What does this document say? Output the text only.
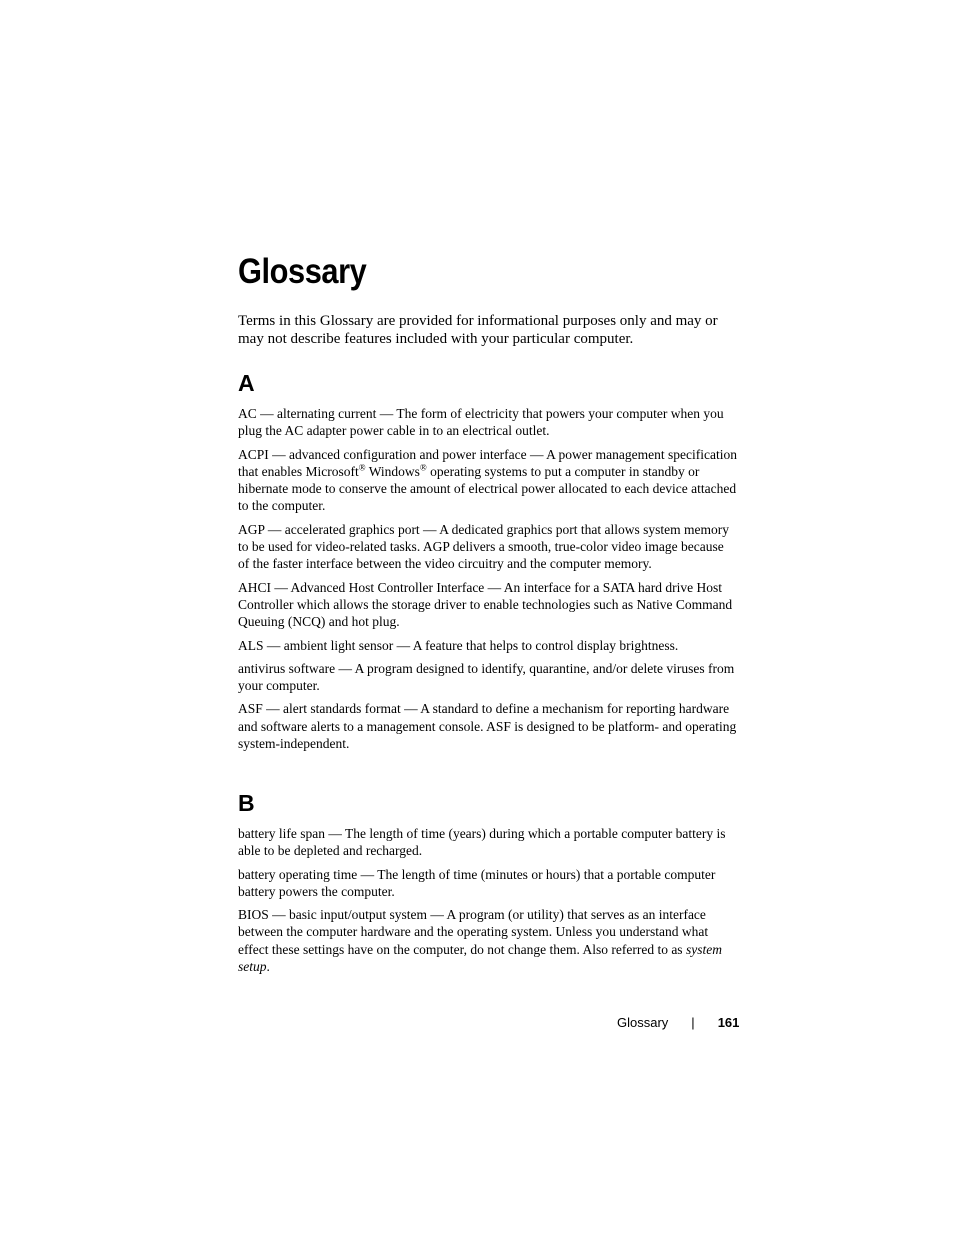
Glossary
Terms in this Glossary are provided for informational purposes only and may or may not describe features included with your particular computer.
A

AC — alternating current — The form of electricity that powers your computer when you plug the AC adapter power cable in to an electrical outlet.

ACPI — advanced configuration and power interface — A power management specification that enables Microsoft® Windows® operating systems to put a computer in standby or hibernate mode to conserve the amount of electrical power allocated to each device attached to the computer.

AGP — accelerated graphics port — A dedicated graphics port that allows system memory to be used for video-related tasks. AGP delivers a smooth, true-color video image because of the faster interface between the video circuitry and the computer memory.

AHCI — Advanced Host Controller Interface — An interface for a SATA hard drive Host Controller which allows the storage driver to enable technologies such as Native Command Queuing (NCQ) and hot plug.

ALS — ambient light sensor — A feature that helps to control display brightness.

antivirus software — A program designed to identify, quarantine, and/or delete viruses from your computer.

ASF — alert standards format — A standard to define a mechanism for reporting hardware and software alerts to a management console. ASF is designed to be platform- and operating system-independent.

B

battery life span — The length of time (years) during which a portable computer battery is able to be depleted and recharged.

battery operating time — The length of time (minutes or hours) that a portable computer battery powers the computer.

BIOS — basic input/output system — A program (or utility) that serves as an interface between the computer hardware and the operating system. Unless you understand what effect these settings have on the computer, do not change them. Also referred to as system setup.

Glossary | 161
